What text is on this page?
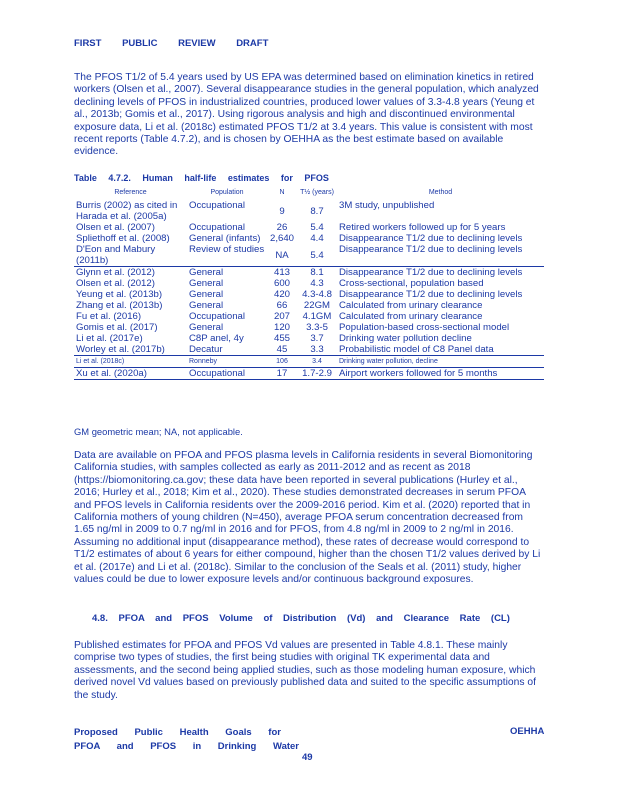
FIRST PUBLIC REVIEW DRAFT

The PFOS T1/2 of 5.4 years used by US EPA was determined based on elimination kinetics in retired workers (Olsen et al., 2007). Several disappearance studies in the general population, which analyzed declining levels of PFOS in industrialized countries, produced lower values of 3.3-4.8 years (Yeung et al., 2013b; Gomis et al., 2017). Using rigorous analysis and high and discontinued environmental exposure data, Li et al. (2018c) estimated PFOS T1/2 at 3.4 years. This value is consistent with most recent reports (Table 4.7.2), and is chosen by OEHHA as the best estimate based on available evidence.

Table 4.7.2. Human half-life estimates for PFOS
Reference	Population	N	T½ (years)	Method
Burris (2002) as cited in Harada et al. (2005a)	Occupational	9	8.7	3M study, unpublished
Olsen et al. (2007)	Occupational	26	5.4	Retired workers followed up for 5 years
Spliethoff et al. (2008)	General (infants)	2,640	4.4	Disappearance T1/2 due to declining levels
D'Eon and Mabury (2011b)	Review of studies	NA	5.4	Disappearance T1/2 due to declining levels
Glynn et al. (2012)	General	413	8.1	Disappearance T1/2 due to declining levels
Olsen et al. (2012)	General	600	4.3	Cross-sectional, population based
Yeung et al. (2013b)	General	420	4.3-4.8	Disappearance T1/2 due to declining levels
Zhang et al. (2013b)	General	66	22GM	Calculated from urinary clearance
Fu et al. (2016)	Occupational	207	4.1GM	Calculated from urinary clearance
Gomis et al. (2017)	General	120	3.3-5	Population-based cross-sectional model
Li et al. (2017e)	C8P anel, 4y	455	3.7	Drinking water pollution decline
Worley et al. (2017b)	Decatur	45	3.3	Probabilistic model of C8 Panel data
Li et al. (2018c)	Ronneby	106	3.4	Drinking water pollution, decline
Xu et al. (2020a)	Occupational	17	1.7-2.9	Airport workers followed for 5 months
GM geometric mean; NA, not applicable.

Data are available on PFOA and PFOS plasma levels in California residents in several Biomonitoring California studies, with samples collected as early as 2011-2012 and as recent as 2018 (https://biomonitoring.ca.gov; these data have been reported in several publications (Hurley et al., 2016; Hurley et al., 2018; Kim et al., 2020). These studies demonstrated decreases in serum PFOA and PFOS levels in California residents over the 2009-2016 period. Kim et al. (2020) reported that in California mothers of young children (N=450), average PFOA serum concentration decreased from 1.65 ng/ml in 2009 to 0.7 ng/ml in 2016 and for PFOS, from 4.8 ng/ml in 2009 to 2 ng/ml in 2016. Assuming no additional input (disappearance method), these rates of decrease would correspond to T1/2 estimates of about 6 years for either compound, higher than the chosen T1/2 values derived by Li et al. (2017e) and Li et al. (2018c). Similar to the conclusion of the Seals et al. (2011) study, higher values could be due to lower exposure levels and/or continuous background exposures.

4.8. PFOA and PFOS Volume of Distribution (Vd) and Clearance Rate (CL)

Published estimates for PFOA and PFOS Vd values are presented in Table 4.8.1. These mainly comprise two types of studies, the first being studies with original TK experimental data and assessments, and the second being applied studies, such as those modeling human exposure, which derived novel Vd values based on previously published data and suited to the specific assumptions of the study.

Proposed Public Health Goals for
PFOA and PFOS in Drinking Water
OEHHA
49
